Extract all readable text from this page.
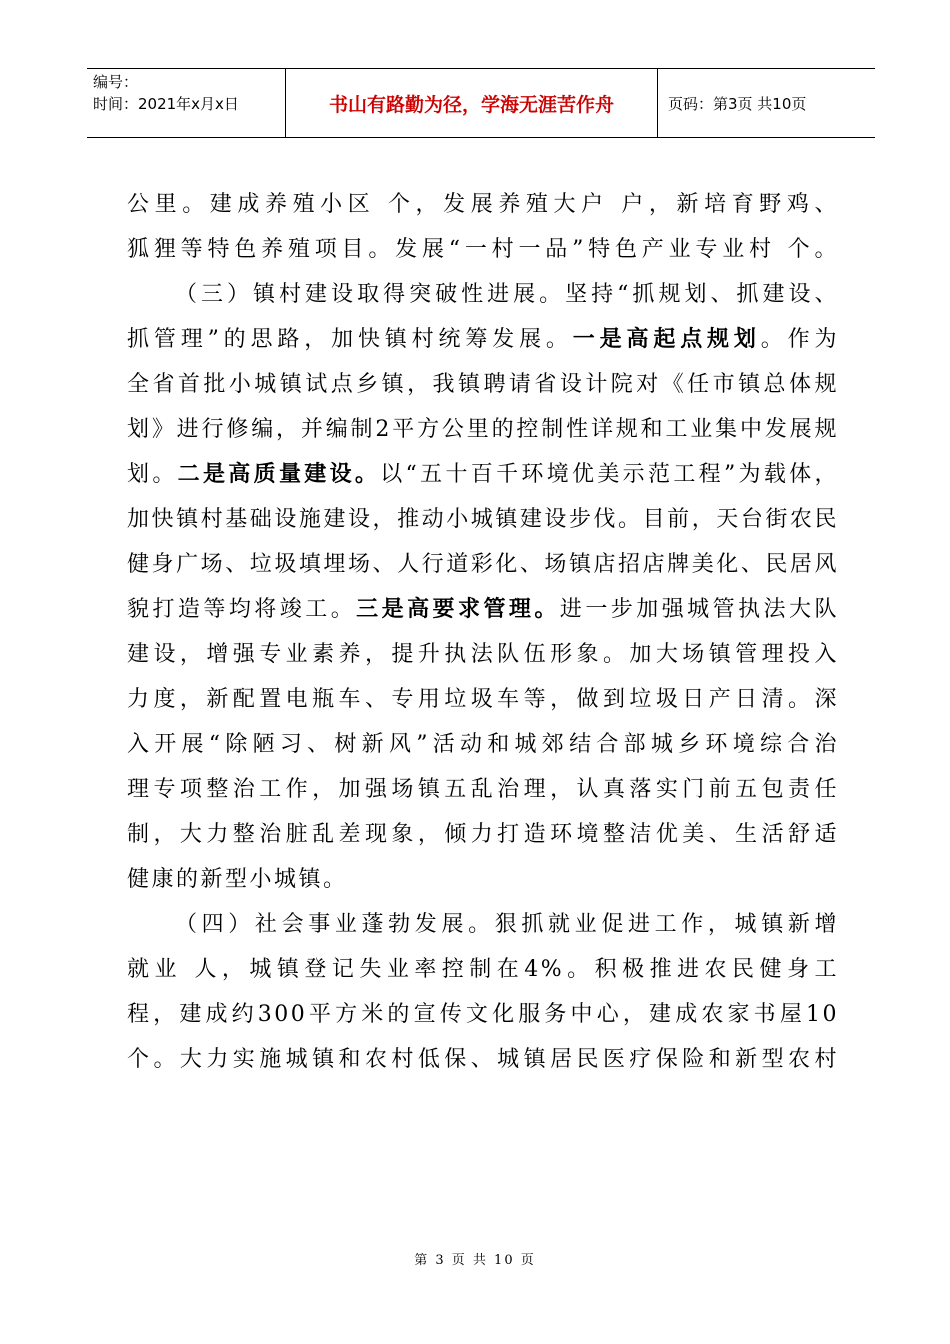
编号：
时间：2021年x月x日	书山有路勤为径，学海无涯苦作舟	页码：第3页 共10页
公里。建成养殖小区 个，发展养殖大户 户，新培育野鸡、
狐狸等特色养殖项目。发展“一村一品”特色产业专业村 个。
（三）镇村建设取得突破性进展。坚持“抓规划、抓建设、
抓管理”的思路，加快镇村统筹发展。一是高起点规划。作为
全省首批小城镇试点乡镇，我镇聘请省设计院对《任市镇总体规
划》进行修编，并编制2平方公里的控制性详规和工业集中发展规
划。二是高质量建设。以“五十百千环境优美示范工程”为载体，
加快镇村基础设施建设，推动小城镇建设步伐。目前，天台街农民
健身广场、垃圾填埋场、人行道彩化、场镇店招店牌美化、民居风
貌打造等均将竣工。三是高要求管理。进一步加强城管执法大队
建设，增强专业素养，提升执法队伍形象。加大场镇管理投入
力度，新配置电瓶车、专用垃圾车等，做到垃圾日产日清。深
入开展“除陋习、树新风”活动和城郊结合部城乡环境综合治
理专项整治工作，加强场镇五乱治理，认真落实门前五包责任
制，大力整治脏乱差现象，倾力打造环境整洁优美、生活舒适
健康的新型小城镇。
（四）社会事业蓬勃发展。狠抓就业促进工作，城镇新增
就业 人，城镇登记失业率控制在4%。积极推进农民健身工
程，建成约300平方米的宣传文化服务中心，建成农家书屋10
个。大力实施城镇和农村低保、城镇居民医疗保险和新型农村
第 3 页 共 10 页
